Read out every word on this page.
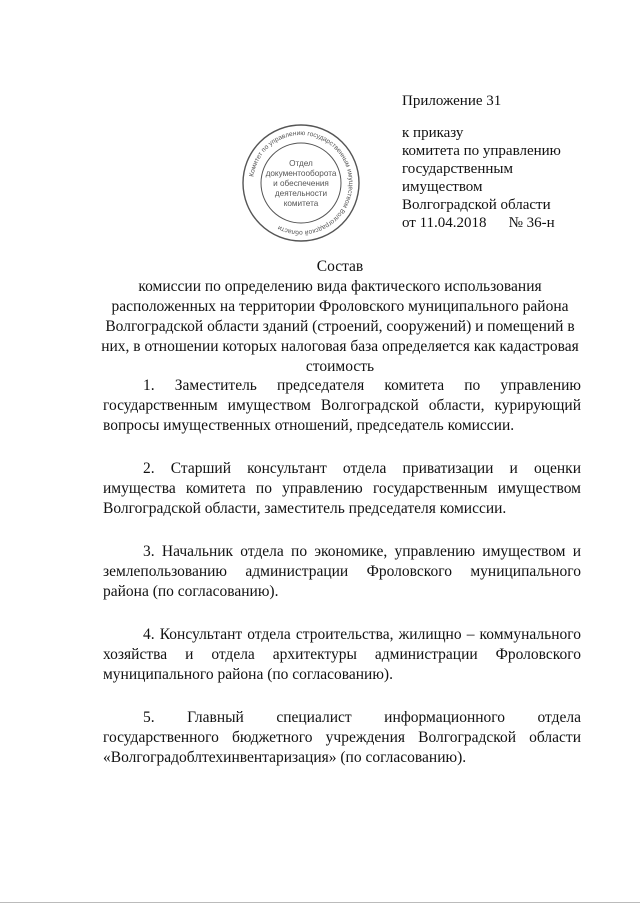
Приложение 31
к приказу
комитета по управлению
государственным
имуществом
Волгоградской области
от 11.04.2018 № 36-н
Комитет по управлению государственным имуществом Волгоградской области
Отдел
документооборота
и обеспечения
деятельности
комитета
Состав
комиссии по определению вида фактического использования
расположенных на территории Фроловского муниципального района
Волгоградской области зданий (строений, сооружений) и помещений в
них, в отношении которых налоговая база определяется как кадастровая
стоимость
1. Заместитель председателя комитета по управлению государственным имуществом Волгоградской области, курирующий вопросы имущественных отношений, председатель комиссии.
2. Старший консультант отдела приватизации и оценки имущества комитета по управлению государственным имуществом Волгоградской области, заместитель председателя комиссии.
3. Начальник отдела по экономике, управлению имуществом и землепользованию администрации Фроловского муниципального района (по согласованию).
4. Консультант отдела строительства, жилищно – коммунального хозяйства и отдела архитектуры администрации Фроловского муниципального района (по согласованию).
5. Главный специалист информационного отдела государственного бюджетного учреждения Волгоградской области «Волгоградоблтехинвентаризация» (по согласованию).
